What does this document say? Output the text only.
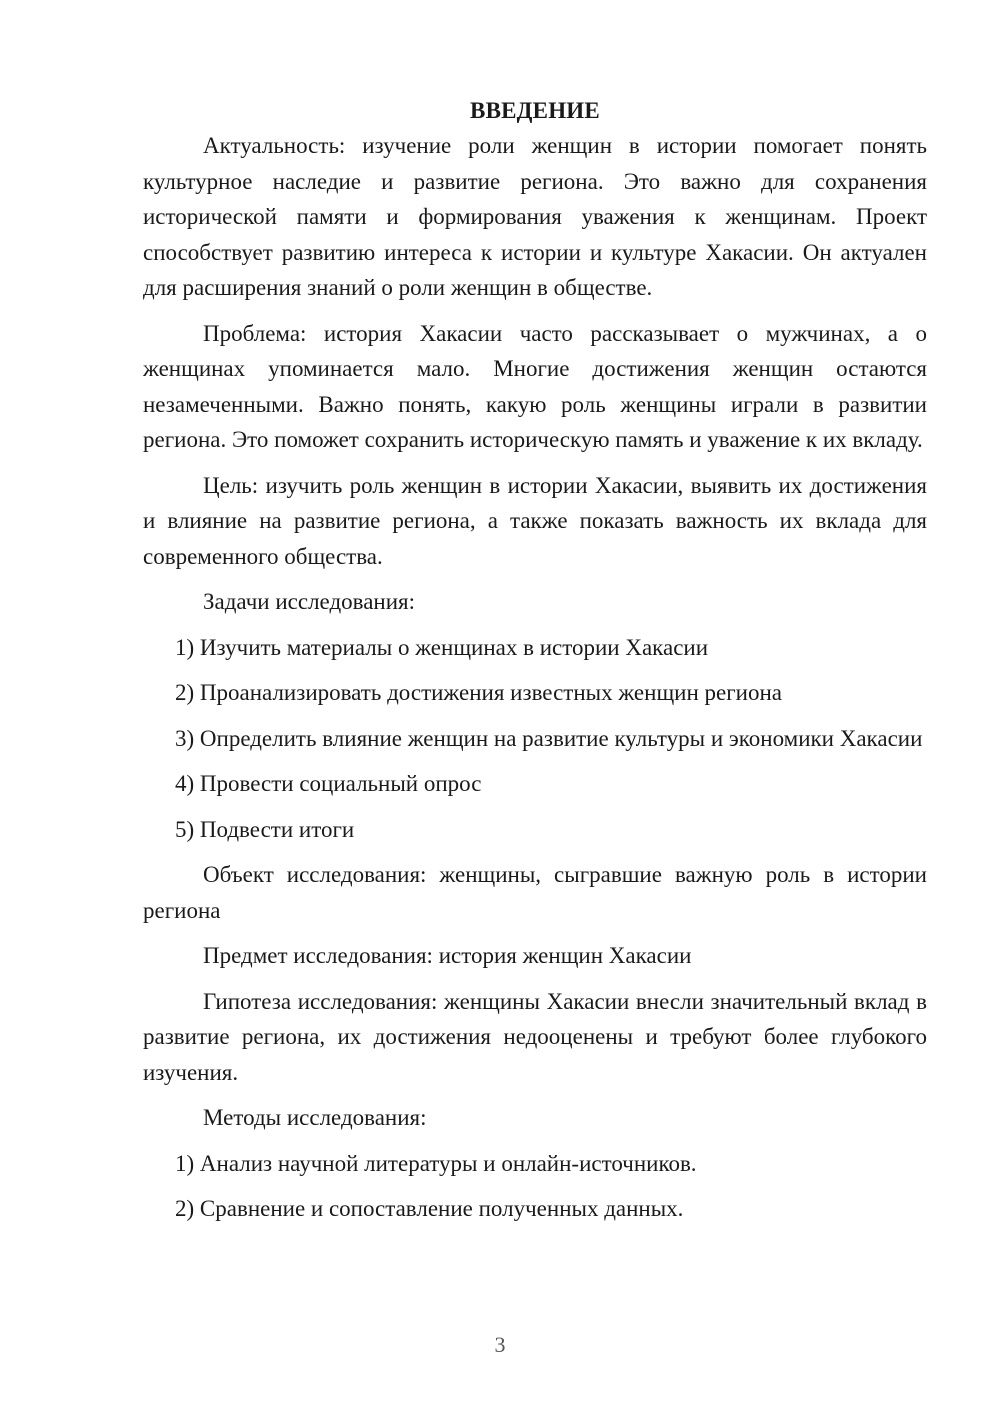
ВВЕДЕНИЕ
Актуальность: изучение роли женщин в истории помогает понять культурное наследие и развитие региона. Это важно для сохранения исторической памяти и формирования уважения к женщинам. Проект способствует развитию интереса к истории и культуре Хакасии. Он актуален для расширения знаний о роли женщин в обществе.
Проблема: история Хакасии часто рассказывает о мужчинах, а о женщинах упоминается мало. Многие достижения женщин остаются незамеченными. Важно понять, какую роль женщины играли в развитии региона. Это поможет сохранить историческую память и уважение к их вкладу.
Цель: изучить роль женщин в истории Хакасии, выявить их достижения и влияние на развитие региона, а также показать важность их вклада для современного общества.
Задачи исследования:
1) Изучить материалы о женщинах в истории Хакасии
2) Проанализировать достижения известных женщин региона
3) Определить влияние женщин на развитие культуры и экономики Хакасии
4) Провести социальный опрос
5) Подвести итоги
Объект исследования: женщины, сыгравшие важную роль в истории региона
Предмет исследования: история женщин Хакасии
Гипотеза исследования: женщины Хакасии внесли значительный вклад в развитие региона, их достижения недооценены и требуют более глубокого изучения.
Методы исследования:
1) Анализ научной литературы и онлайн-источников.
2) Сравнение и сопоставление полученных данных.
3
